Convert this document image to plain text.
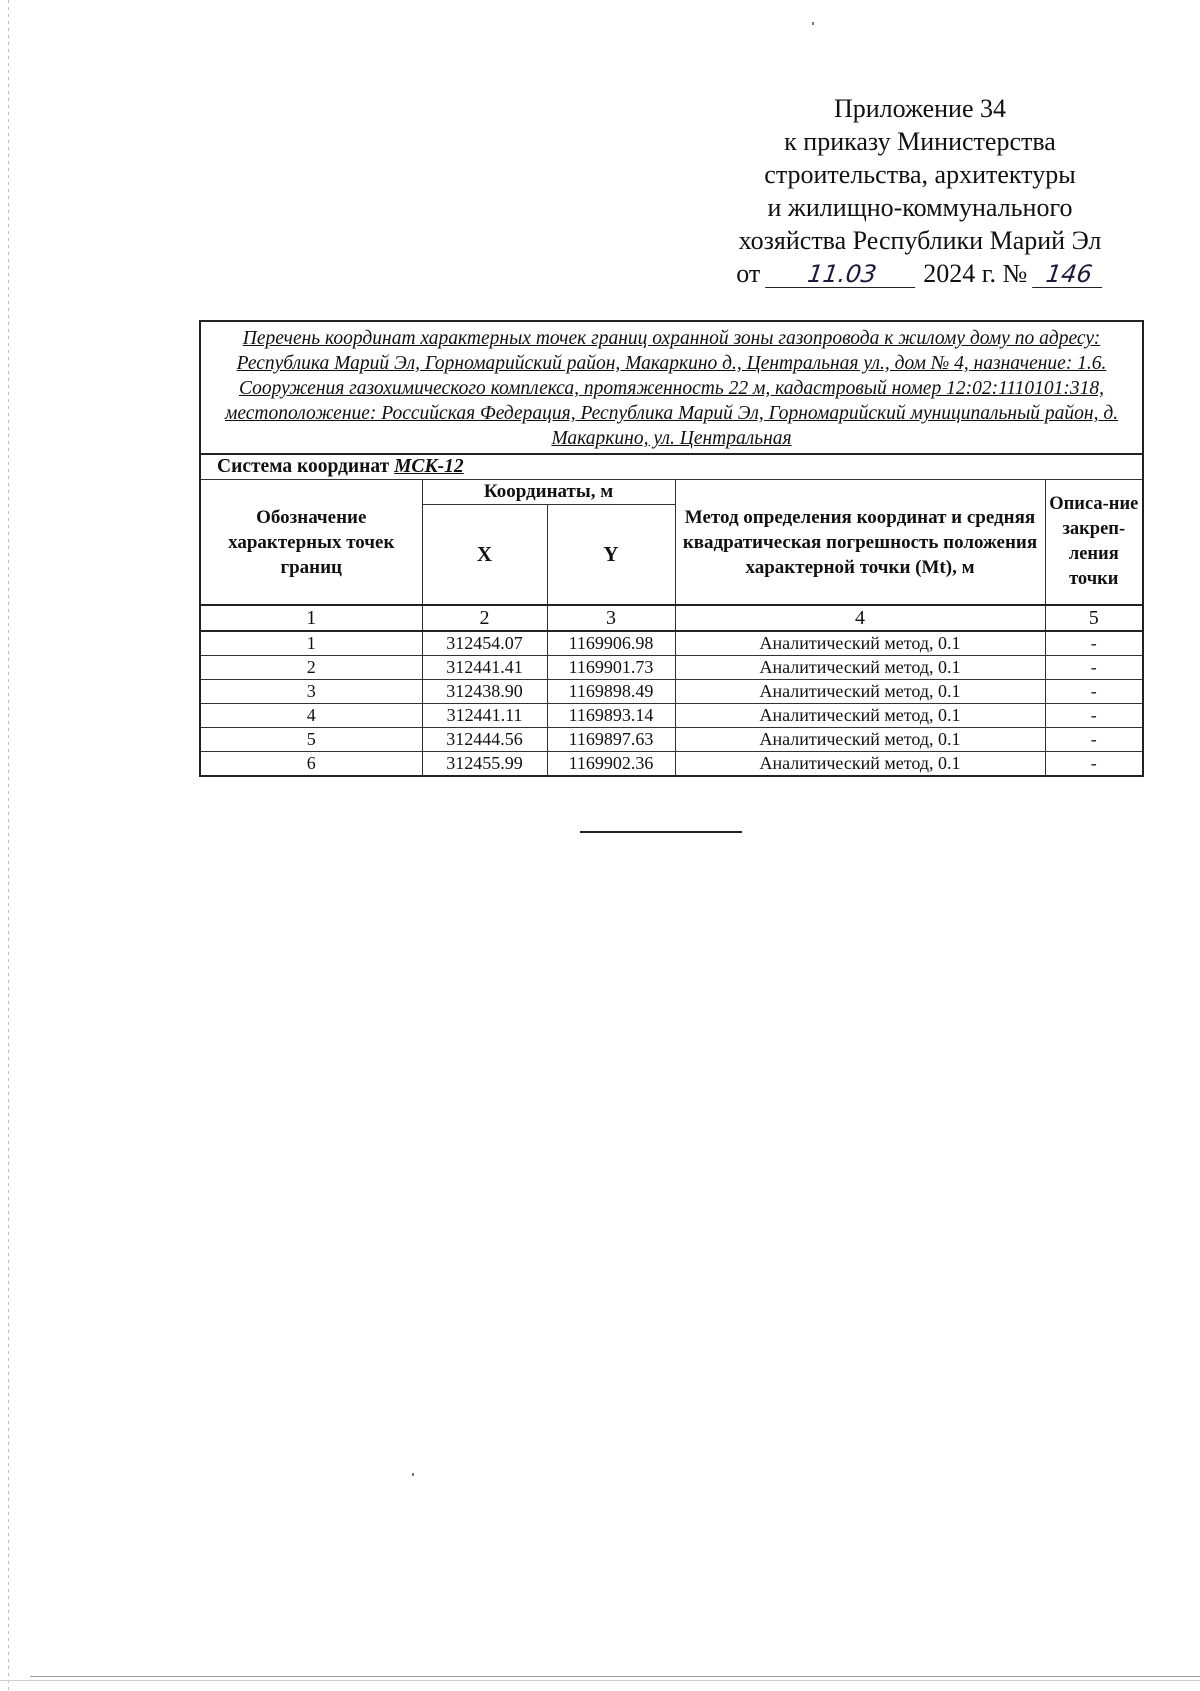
Приложение 34
к приказу Министерства
строительства, архитектуры
и жилищно-коммунального
хозяйства Республики Марий Эл
от 11.03 2024 г. № 146
Перечень координат характерных точек границ охранной зоны газопровода к жилому дому по адресу: Республика Марий Эл, Горномарийский район, Макаркино д., Центральная ул., дом № 4, назначение: 1.6. Сооружения газохимического комплекса, протяженность 22 м, кадастровый номер 12:02:1110101:318, местоположение: Российская Федерация, Республика Марий Эл, Горномарийский муниципальный район, д. Макаркино, ул. Центральная				
Система координат МСК-12				
Обозначение характерных точек границ	Координаты, м		Метод определения координат и средняя квадратическая погрешность положения характерной точки (Mt), м	Описа-ние закреп-ления точки
	X	Y		
1	2	3	4	5
1	312454.07	1169906.98	Аналитический метод, 0.1	-
2	312441.41	1169901.73	Аналитический метод, 0.1	-
3	312438.90	1169898.49	Аналитический метод, 0.1	-
4	312441.11	1169893.14	Аналитический метод, 0.1	-
5	312444.56	1169897.63	Аналитический метод, 0.1	-
6	312455.99	1169902.36	Аналитический метод, 0.1	-
